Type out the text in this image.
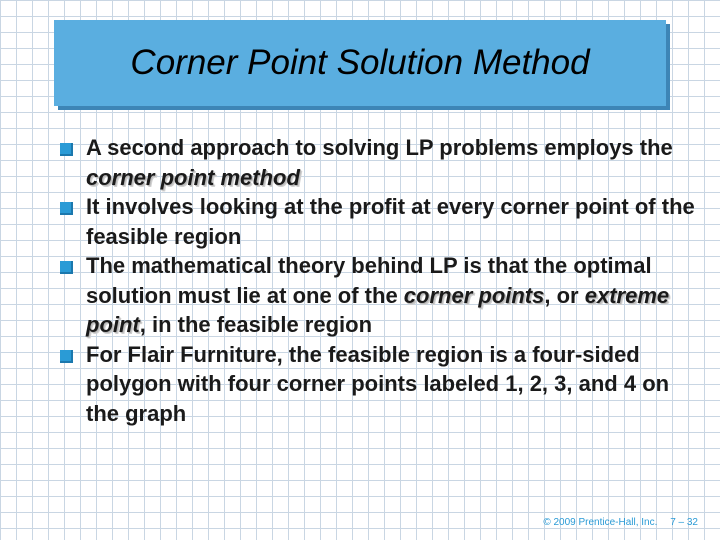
Corner Point Solution Method
A second approach to solving LP problems employs the corner point method
It involves looking at the profit at every corner point of the feasible region
The mathematical theory behind LP is that the optimal solution must lie at one of the corner points, or extreme point, in the feasible region
For Flair Furniture, the feasible region is a four-sided polygon with four corner points labeled 1, 2, 3, and 4 on the graph
© 2009 Prentice-Hall, Inc. 7 – 32
